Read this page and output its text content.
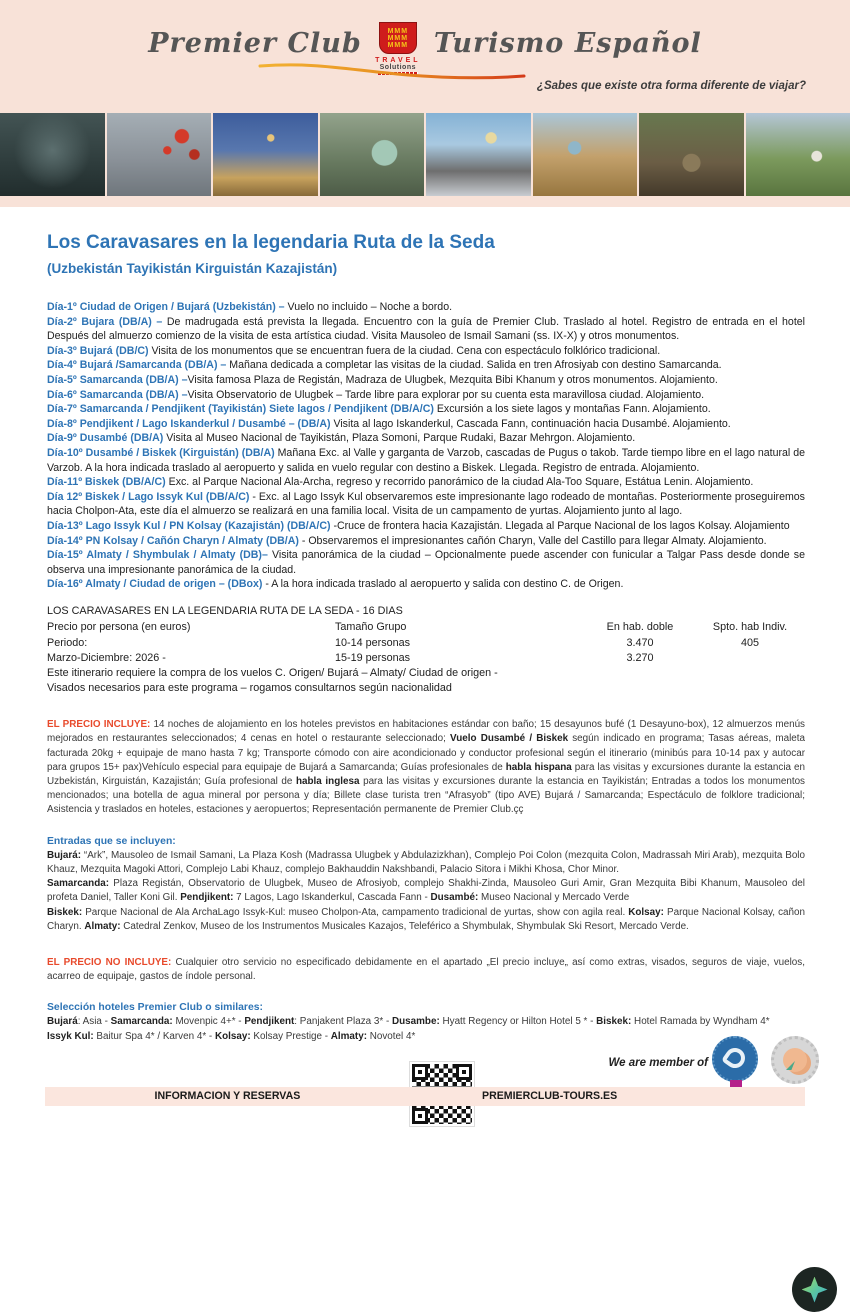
Premier Club	MMM
MMM
MMM
TRAVEL
Solutions
Turismo Español
¿Sabes que existe otra forma diferente de viajar?
Los Caravasares en la legendaria Ruta de la Seda
(Uzbekistán Tayikistán Kirguistán Kazajistán)

Día-1º Ciudad de Origen / Bujará (Uzbekistán) – Vuelo no incluido – Noche a bordo.

Día-2º Bujara (DB/A) – De madrugada está prevista la llegada. Encuentro con la guía de Premier Club. Traslado al hotel. Registro de entrada en el hotel Después del almuerzo comienzo de la visita de esta artística ciudad. Visita Mausoleo de Ismail Samani (ss. IX-X) y otros monumentos.

Día-3º Bujará (DB/C) Visita de los monumentos que se encuentran fuera de la ciudad. Cena con espectáculo folklórico tradicional.

Día-4º Bujará /Samarcanda (DB/A) – Mañana dedicada a completar las visitas de la ciudad. Salida en tren Afrosiyab con destino Samarcanda.

Día-5º Samarcanda (DB/A) –Visita famosa Plaza de Registán, Madraza de Ulugbek, Mezquita Bibi Khanum y otros monumentos. Alojamiento.

Día-6º Samarcanda (DB/A) –Visita Observatorio de Ulugbek – Tarde libre para explorar por su cuenta esta maravillosa ciudad. Alojamiento.

Día-7º Samarcanda / Pendjikent (Tayikistán) Siete lagos / Pendjikent (DB/A/C) Excursión a los siete lagos y montañas Fann. Alojamiento.

Día-8º Pendjikent / Lago Iskanderkul / Dusambé – (DB/A) Visita al lago Iskanderkul, Cascada Fann, continuación hacia Dusambé. Alojamiento.

Día-9º Dusambé (DB/A) Visita al Museo Nacional de Tayikistán, Plaza Somoni, Parque Rudaki, Bazar Mehrgon. Alojamiento.

Día-10º Dusambé / Biskek (Kirguistán) (DB/A) Mañana Exc. al Valle y garganta de Varzob, cascadas de Pugus o takob. Tarde tiempo libre en el lago natural de Varzob. A la hora indicada traslado al aeropuerto y salida en vuelo regular con destino a Biskek. Llegada. Registro de entrada. Alojamiento.

Día-11º Biskek (DB/A/C) Exc. al Parque Nacional Ala-Archa, regreso y recorrido panorámico de la ciudad Ala-Too Square, Estátua Lenin. Alojamiento.

Día 12º Biskek / Lago Issyk Kul (DB/A/C) - Exc. al Lago Issyk Kul observaremos este impresionante lago rodeado de montañas. Posteriormente proseguiremos hacia Cholpon-Ata, este día el almuerzo se realizará en una familia local. Visita de un campamento de yurtas. Alojamiento junto al lago.

Día-13º Lago Issyk Kul / PN Kolsay (Kazajistán) (DB/A/C) -Cruce de frontera hacia Kazajistán. Llegada al Parque Nacional de los lagos Kolsay. Alojamiento

Día-14º PN Kolsay / Cañón Charyn / Almaty (DB/A) - Observaremos el impresionantes cañón Charyn, Valle del Castillo para llegar Almaty. Alojamiento.

Día-15º Almaty / Shymbulak / Almaty (DB)– Visita panorámica de la ciudad – Opcionalmente puede ascender con funicular a Talgar Pass desde donde se observa una impresionante panorámica de la ciudad.

Día-16º Almaty / Ciudad de origen – (DBox) - A la hora indicada traslado al aeropuerto y salida con destino C. de Origen.

LOS CARAVASARES EN LA LEGENDARIA RUTA DE LA SEDA - 16 DIAS
Precio por persona (en euros)	Tamaño Grupo	En hab. doble	Spto. hab Indiv.
Periodo:	10-14 personas	3.470	405
Marzo-Diciembre: 2026 -	15-19 personas	3.270
Este itinerario requiere la compra de los vuelos C. Origen/ Bujará – Almaty/ Ciudad de origen -
Visados necesarios para este programa – rogamos consultarnos según nacionalidad

EL PRECIO INCLUYE: 14 noches de alojamiento en los hoteles previstos en habitaciones estándar con baño; 15 desayunos bufé (1 Desayuno-box), 12 almuerzos menús mejorados en restaurantes seleccionados; 4 cenas en hotel o restaurante seleccionado; Vuelo Dusambé / Biskek según indicado en programa; Tasas aéreas, maleta facturada 20kg + equipaje de mano hasta 7 kg; Transporte cómodo con aire acondicionado y conductor profesional según el itinerario (minibús para 10-14 pax y autocar para grupos 15+ pax)Vehículo especial para equipaje de Bujará a Samarcanda; Guías profesionales de habla hispana para las visitas y excursiones durante la estancia en Uzbekistán, Kirguistán, Kazajistán; Guía profesional de habla inglesa para las visitas y excursiones durante la estancia en Tayikistán; Entradas a todos los monumentos mencionados; una botella de agua mineral por persona y día; Billete clase turista tren “Afrasyob” (tipo AVE) Bujará / Samarcanda; Espectáculo de folklore tradicional; Asistencia y traslados en hoteles, estaciones y aeropuertos; Representación permanente de Premier Club.çç

Entradas que se incluyen:

Bujará: “Ark”, Mausoleo de Ismail Samani, La Plaza Kosh (Madrassa Ulugbek y Abdulazizkhan), Complejo Poi Colon (mezquita Colon, Madrassah Miri Arab), mezquita Bolo Khauz, Mezquita Magoki Attori, Complejo Labi Khauz, complejo Bakhauddin Nakshbandi, Palacio Sitora i Mikhi Khosa, Chor Minor.

Samarcanda: Plaza Registán, Observatorio de Ulugbek, Museo de Afrosiyob, complejo Shakhi-Zinda, Mausoleo Guri Amir, Gran Mezquita Bibi Khanum, Mausoleo del profeta Daniel, Taller Koni Gil. Pendjikent: 7 Lagos, Lago Iskanderkul, Cascada Fann - Dusambé: Museo Nacional y Mercado Verde

Biskek: Parque Nacional de Ala ArchaLago Issyk-Kul: museo Cholpon-Ata, campamento tradicional de yurtas, show con agila real. Kolsay: Parque Nacional Kolsay, cañon Charyn. Almaty: Catedral Zenkov, Museo de los Instrumentos Musicales Kazajos, Teleférico a Shymbulak, Shymbulak Ski Resort, Mercado Verde.

EL PRECIO NO INCLUYE: Cualquier otro servicio no especificado debidamente en el apartado „El precio incluye„ así como extras, visados, seguros de viaje, vuelos, acarreo de equipaje, gastos de índole personal.

Selección hoteles Premier Club o similares:

Bujará: Asia - Samarcanda: Movenpic 4+* - Pendjikent: Panjakent Plaza 3* - Dusambe: Hyatt Regency or Hilton Hotel 5 * - Biskek: Hotel Ramada by Wyndham 4*

Issyk Kul: Baitur Spa 4* / Karven 4* - Kolsay: Kolsay Prestige - Almaty: Novotel 4*

We are member of
INFORMACION Y RESERVAS	PREMIERCLUB-TOURS.ES
